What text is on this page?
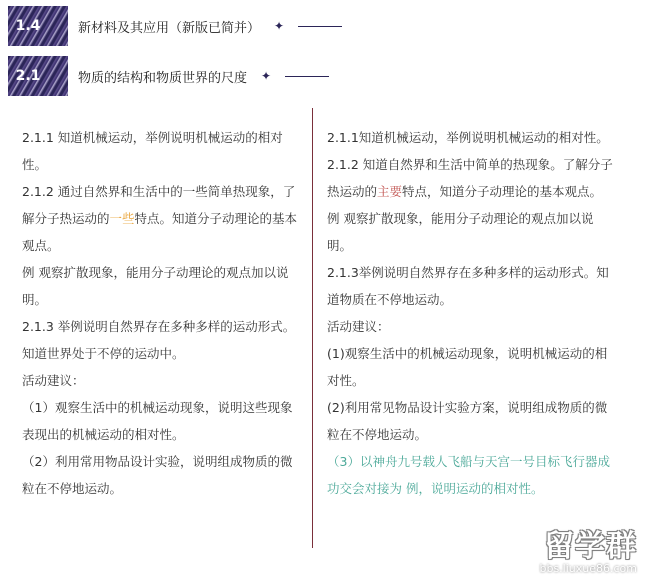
1.4	新材料及其应用（新版已简并） ✦
2.1	物质的结构和物质世界的尺度 ✦

2.1.1 知道机械运动，举例说明机械运动的相对性。

2.1.2 通过自然界和生活中的一些简单热现象，了解分子热运动的一些特点。知道分子动理论的基本观点。

例 观察扩散现象，能用分子动理论的观点加以说明。

2.1.3 举例说明自然界存在多种多样的运动形式。知道世界处于不停的运动中。

活动建议：

（1）观察生活中的机械运动现象，说明这些现象表现出的机械运动的相对性。

（2）利用常用物品设计实验，说明组成物质的微粒在不停地运动。

2.1.1知道机械运动，举例说明机械运动的相对性。

2.1.2 知道自然界和生活中简单的热现象。了解分子热运动的主要特点，知道分子动理论的基本观点。

例 观察扩散现象，能用分子动理论的观点加以说明。

2.1.3举例说明自然界存在多种多样的运动形式。知道物质在不停地运动。

活动建议：

(1)观察生活中的机械运动现象，说明机械运动的相对性。

(2)利用常见物品设计实验方案，说明组成物质的微粒在不停地运动。

（3）以神舟九号载人飞船与天宫一号目标飞行器成功交会对接为 例，说明运动的相对性。

留学群
bbs.liuxue86.com
